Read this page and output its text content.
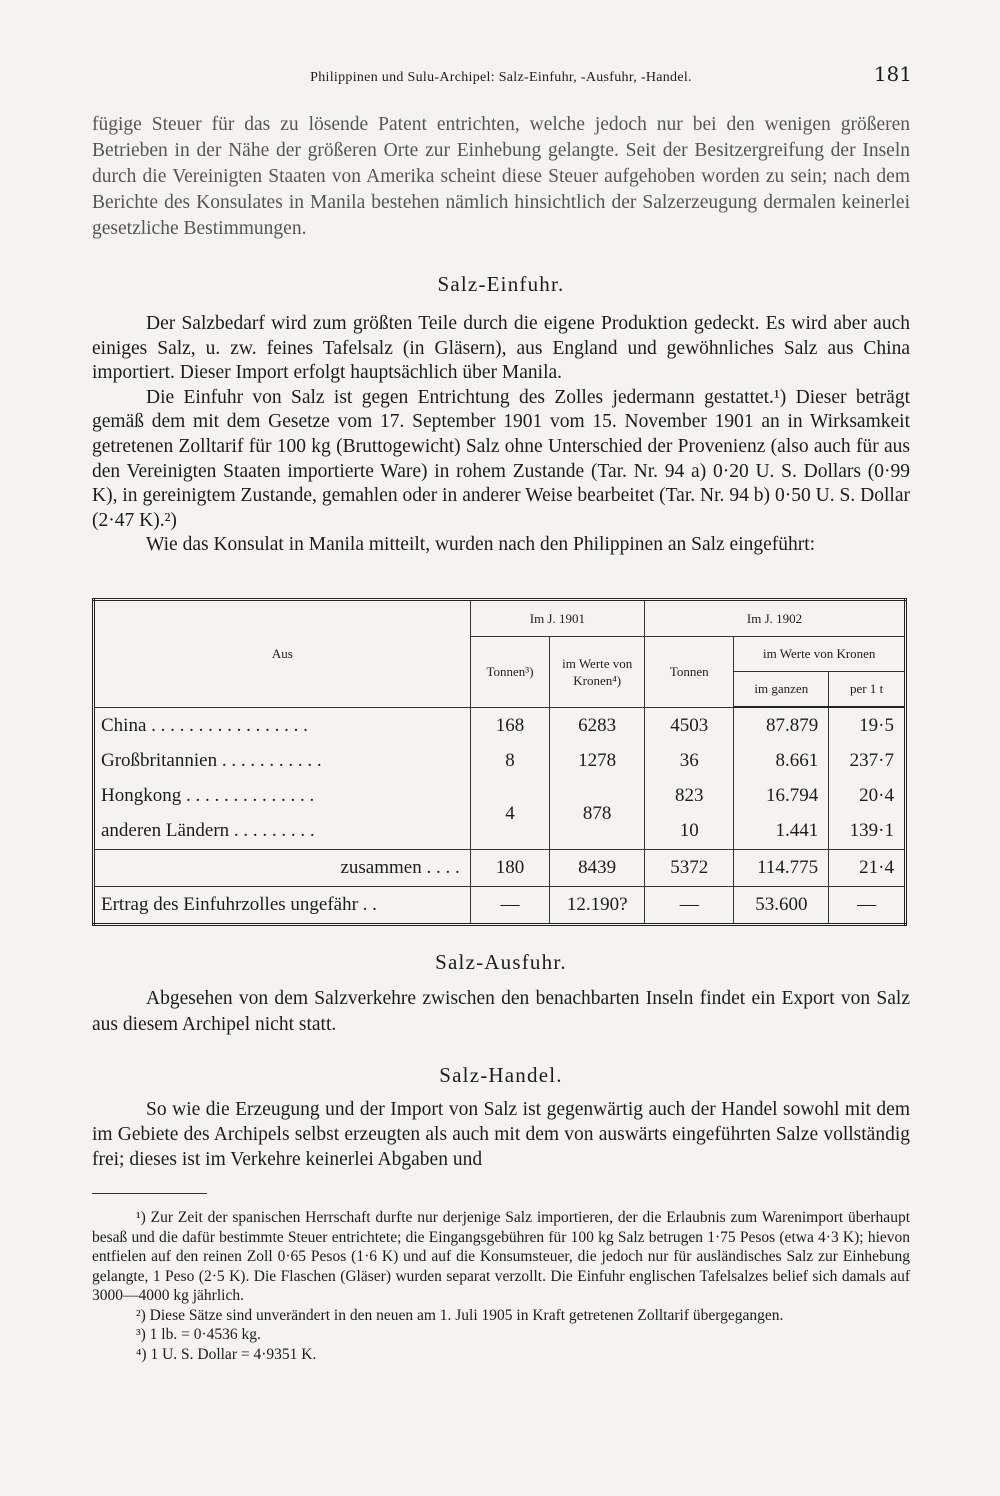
Philippinen und Sulu-Archipel: Salz-Einfuhr, -Ausfuhr, -Handel.	181
fügige Steuer für das zu lösende Patent entrichten, welche jedoch nur bei den wenigen größeren Betrieben in der Nähe der größeren Orte zur Einhebung gelangte. Seit der Besitzergreifung der Inseln durch die Vereinigten Staaten von Amerika scheint diese Steuer aufgehoben worden zu sein; nach dem Berichte des Konsulates in Manila bestehen nämlich hinsichtlich der Salzerzeugung dermalen keinerlei gesetzliche Bestimmungen.
Salz-Einfuhr.
Der Salzbedarf wird zum größten Teile durch die eigene Produktion gedeckt. Es wird aber auch einiges Salz, u. zw. feines Tafelsalz (in Gläsern), aus England und gewöhnliches Salz aus China importiert. Dieser Import erfolgt hauptsächlich über Manila.
Die Einfuhr von Salz ist gegen Entrichtung des Zolles jedermann gestattet.¹) Dieser beträgt gemäß dem mit dem Gesetze vom 17. September 1901 vom 15. November 1901 an in Wirksamkeit getretenen Zolltarif für 100 kg (Bruttogewicht) Salz ohne Unterschied der Provenienz (also auch für aus den Vereinigten Staaten importierte Ware) in rohem Zustande (Tar. Nr. 94 a) 0·20 U. S. Dollars (0·99 K), in gereinigtem Zustande, gemahlen oder in anderer Weise bearbeitet (Tar. Nr. 94 b) 0·50 U. S. Dollar (2·47 K).²)
Wie das Konsulat in Manila mitteilt, wurden nach den Philippinen an Salz eingeführt:
Aus	Im J. 1901		Im J. 1902		
	Tonnen³)	im Werte von Kronen⁴)	Tonnen	im Werte von Kronen	
				im ganzen	per 1 t
China . . . . . . . . . . . . . . . . .	168	6283	4503	87.879	19·5
Großbritannien . . . . . . . . . . .	8	1278	36	8.661	237·7
Hongkong . . . . . . . . . . . . . .	4	878	823	16.794	20·4
anderen Ländern . . . . . . . . .			10	1.441	139·1
zusammen . . . .	180	8439	5372	114.775	21·4
Ertrag des Einfuhrzolles ungefähr . .	—	12.190?	—	53.600	—
Salz-Ausfuhr.
Abgesehen von dem Salzverkehre zwischen den benachbarten Inseln findet ein Export von Salz aus diesem Archipel nicht statt.
Salz-Handel.
So wie die Erzeugung und der Import von Salz ist gegenwärtig auch der Handel sowohl mit dem im Gebiete des Archipels selbst erzeugten als auch mit dem von auswärts eingeführten Salze vollständig frei; dieses ist im Verkehre keinerlei Abgaben und
¹) Zur Zeit der spanischen Herrschaft durfte nur derjenige Salz importieren, der die Erlaubnis zum Warenimport überhaupt besaß und die dafür bestimmte Steuer entrichtete; die Eingangsgebühren für 100 kg Salz betrugen 1·75 Pesos (etwa 4·3 K); hievon entfielen auf den reinen Zoll 0·65 Pesos (1·6 K) und auf die Konsumsteuer, die jedoch nur für ausländisches Salz zur Einhebung gelangte, 1 Peso (2·5 K). Die Flaschen (Gläser) wurden separat verzollt. Die Einfuhr englischen Tafelsalzes belief sich damals auf 3000—4000 kg jährlich.
²) Diese Sätze sind unverändert in den neuen am 1. Juli 1905 in Kraft getretenen Zolltarif übergegangen.
³) 1 lb. = 0·4536 kg.
⁴) 1 U. S. Dollar = 4·9351 K.
